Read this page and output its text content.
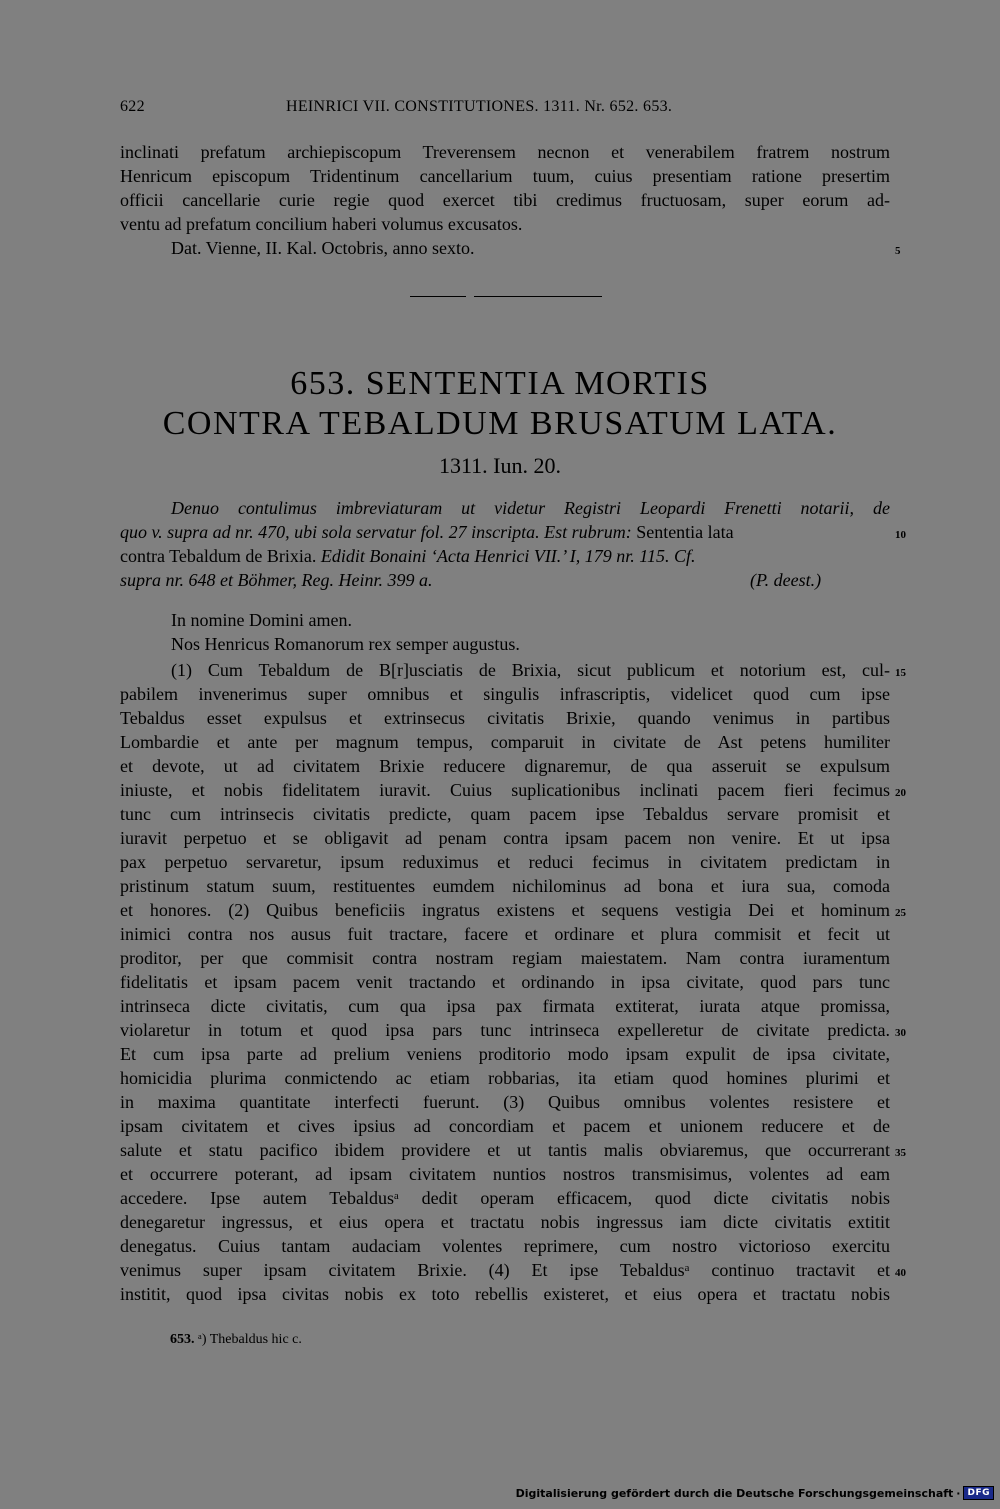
622	HEINRICI VII. CONSTITUTIONES. 1311. Nr. 652. 653.
inclinati prefatum archiepiscopum Treverensem necnon et venerabilem fratrem nostrum
Henricum episcopum Tridentinum cancellarium tuum, cuius presentiam ratione presertim
officii cancellarie curie regie quod exercet tibi credimus fructuosam, super eorum ad-
ventu ad prefatum concilium haberi volumus excusatos.
Dat. Vienne, II. Kal. Octobris, anno sexto.	5
653. SENTENTIA MORTIS
CONTRA TEBALDUM BRUSATUM LATA.
1311. Iun. 20.
Denuo contulimus imbreviaturam ut videtur Registri Leopardi Frenetti notarii, de
quo v. supra ad nr. 470, ubi sola servatur fol. 27 inscripta. Est rubrum: Sententia lata	10
contra Tebaldum de Brixia. Edidit Bonaini ‘Acta Henrici VII.’ I, 179 nr. 115. Cf.
supra nr. 648 et Böhmer, Reg. Heinr. 399 a.	(P. deest.)
In nomine Domini amen.
Nos Henricus Romanorum rex semper augustus.
(1) Cum Tebaldum de B[r]usciatis de Brixia, sicut publicum et notorium est, cul- 15
pabilem invenerimus super omnibus et singulis infrascriptis, videlicet quod cum ipse
Tebaldus esset expulsus et extrinsecus civitatis Brixie, quando venimus in partibus
Lombardie et ante per magnum tempus, comparuit in civitate de Ast petens humiliter
et devote, ut ad civitatem Brixie reducere dignaremur, de qua asseruit se expulsum
iniuste, et nobis fidelitatem iuravit. Cuius suplicationibus inclinati pacem fieri fecimus 20
tunc cum intrinsecis civitatis predicte, quam pacem ipse Tebaldus servare promisit et
iuravit perpetuo et se obligavit ad penam contra ipsam pacem non venire. Et ut ipsa
pax perpetuo servaretur, ipsum reduximus et reduci fecimus in civitatem predictam in
pristinum statum suum, restituentes eumdem nichilominus ad bona et iura sua, comoda
et honores. (2) Quibus beneficiis ingratus existens et sequens vestigia Dei et hominum 25
inimici contra nos ausus fuit tractare, facere et ordinare et plura commisit et fecit ut
proditor, per que commisit contra nostram regiam maiestatem. Nam contra iuramentum
fidelitatis et ipsam pacem venit tractando et ordinando in ipsa civitate, quod pars tunc
intrinseca dicte civitatis, cum qua ipsa pax firmata extiterat, iurata atque promissa,
violaretur in totum et quod ipsa pars tunc intrinseca expelleretur de civitate predicta. 30
Et cum ipsa parte ad prelium veniens proditorio modo ipsam expulit de ipsa civitate,
homicidia plurima conmictendo ac etiam robbarias, ita etiam quod homines plurimi et
in maxima quantitate interfecti fuerunt. (3) Quibus omnibus volentes resistere et
ipsam civitatem et cives ipsius ad concordiam et pacem et unionem reducere et de
salute et statu pacifico ibidem providere et ut tantis malis obviaremus, que occurrerant 35
et occurrere poterant, ad ipsam civitatem nuntios nostros transmisimus, volentes ad eam
accedere. Ipse autem Tebaldusᵃ dedit operam efficacem, quod dicte civitatis nobis
denegaretur ingressus, et eius opera et tractatu nobis ingressus iam dicte civitatis extitit
denegatus. Cuius tantam audaciam volentes reprimere, cum nostro victorioso exercitu
venimus super ipsam civitatem Brixie. (4) Et ipse Tebaldusᵃ continuo tractavit et 40
institit, quod ipsa civitas nobis ex toto rebellis existeret, et eius opera et tractatu nobis
653. ᵃ) Thebaldus hic c.
Digitalisierung gefördert durch die Deutsche Forschungsgemeinschaft · DFG
